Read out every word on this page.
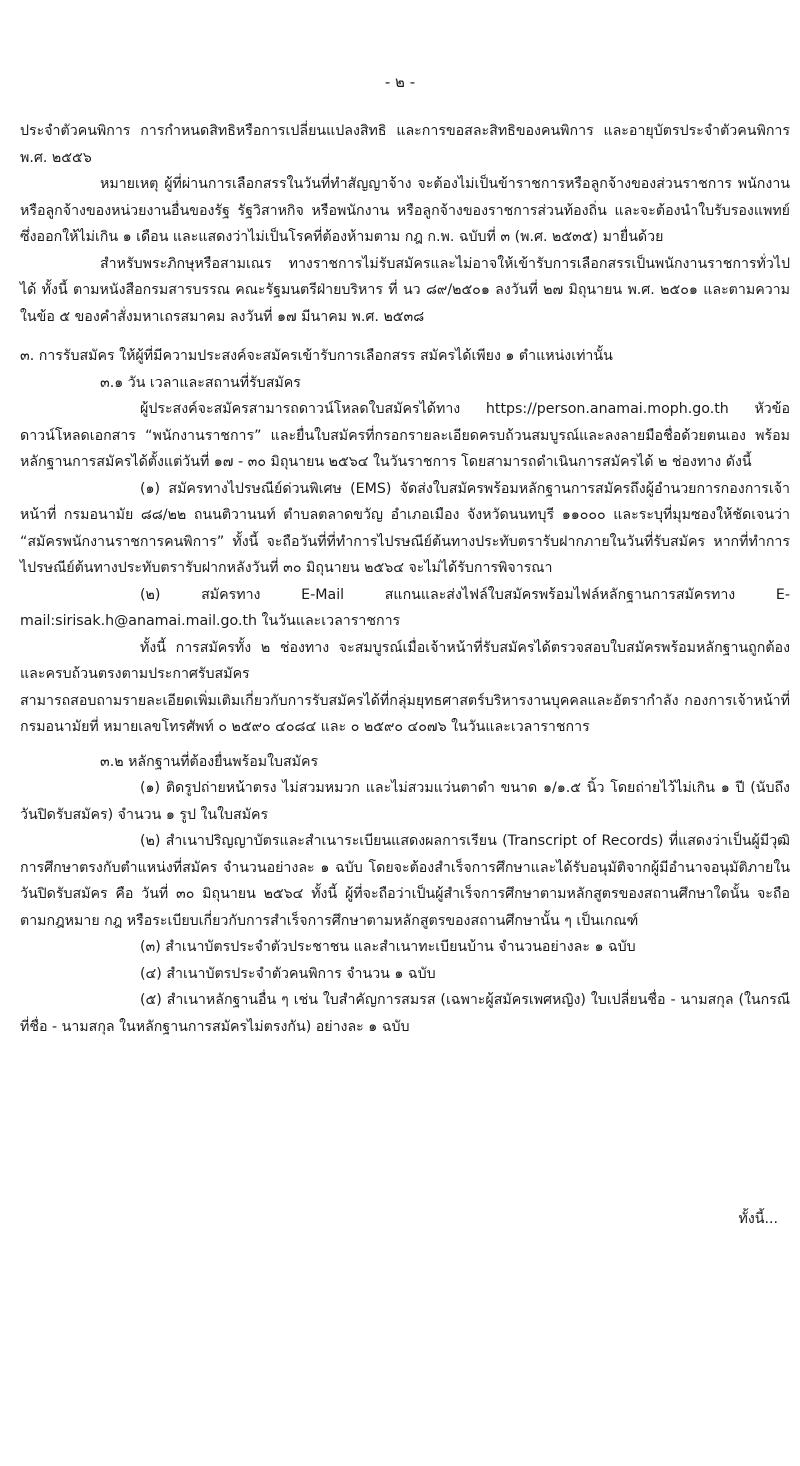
- ๒ -

ประจำตัวคนพิการ การกำหนดสิทธิหรือการเปลี่ยนแปลงสิทธิ และการขอสละสิทธิของคนพิการ และอายุบัตรประจำตัวคนพิการ พ.ศ. ๒๕๕๖

หมายเหตุ ผู้ที่ผ่านการเลือกสรรในวันที่ทำสัญญาจ้าง จะต้องไม่เป็นข้าราชการหรือลูกจ้างของส่วนราชการ พนักงานหรือลูกจ้างของหน่วยงานอื่นของรัฐ รัฐวิสาหกิจ หรือพนักงาน หรือลูกจ้างของราชการส่วนท้องถิ่น และจะต้องนำใบรับรองแพทย์ ซึ่งออกให้ไม่เกิน ๑ เดือน และแสดงว่าไม่เป็นโรคที่ต้องห้ามตาม กฎ ก.พ. ฉบับที่ ๓ (พ.ศ. ๒๕๓๕) มายื่นด้วย

สำหรับพระภิกษุหรือสามเณร ทางราชการไม่รับสมัครและไม่อาจให้เข้ารับการเลือกสรรเป็นพนักงานราชการทั่วไปได้ ทั้งนี้ ตามหนังสือกรมสารบรรณ คณะรัฐมนตรีฝ่ายบริหาร ที่ นว ๘๙/๒๕๐๑ ลงวันที่ ๒๗ มิถุนายน พ.ศ. ๒๕๐๑ และตามความในข้อ ๕ ของคำสั่งมหาเถรสมาคม ลงวันที่ ๑๗ มีนาคม พ.ศ. ๒๕๓๘

๓. การรับสมัคร ให้ผู้ที่มีความประสงค์จะสมัครเข้ารับการเลือกสรร สมัครได้เพียง ๑ ตำแหน่งเท่านั้น

๓.๑ วัน เวลาและสถานที่รับสมัคร

ผู้ประสงค์จะสมัครสามารถดาวน์โหลดใบสมัครได้ทาง https://person.anamai.moph.go.th หัวข้อ ดาวน์โหลดเอกสาร “พนักงานราชการ” และยื่นใบสมัครที่กรอกรายละเอียดครบถ้วนสมบูรณ์และลงลายมือชื่อด้วยตนเอง พร้อมหลักฐานการสมัครได้ตั้งแต่วันที่ ๑๗ - ๓๐ มิถุนายน ๒๕๖๔ ในวันราชการ โดยสามารถดำเนินการสมัครได้ ๒ ช่องทาง ดังนี้

(๑) สมัครทางไปรษณีย์ด่วนพิเศษ (EMS) จัดส่งใบสมัครพร้อมหลักฐานการสมัครถึงผู้อำนวยการกองการเจ้าหน้าที่ กรมอนามัย ๘๘/๒๒ ถนนติวานนท์ ตำบลตลาดขวัญ อำเภอเมือง จังหวัดนนทบุรี ๑๑๐๐๐ และระบุที่มุมซองให้ชัดเจนว่า “สมัครพนักงานราชการคนพิการ” ทั้งนี้ จะถือวันที่ที่ทำการไปรษณีย์ต้นทางประทับตรารับฝากภายในวันที่รับสมัคร หากที่ทำการไปรษณีย์ต้นทางประทับตรารับฝากหลังวันที่ ๓๐ มิถุนายน ๒๕๖๔ จะไม่ได้รับการพิจารณา

(๒) สมัครทาง E-Mail สแกนและส่งไฟล์ใบสมัครพร้อมไฟล์หลักฐานการสมัครทาง E-mail:sirisak.h@anamai.mail.go.th ในวันและเวลาราชการ

ทั้งนี้ การสมัครทั้ง ๒ ช่องทาง จะสมบูรณ์เมื่อเจ้าหน้าที่รับสมัครได้ตรวจสอบใบสมัครพร้อมหลักฐานถูกต้องและครบถ้วนตรงตามประกาศรับสมัคร

สามารถสอบถามรายละเอียดเพิ่มเติมเกี่ยวกับการรับสมัครได้ที่กลุ่มยุทธศาสตร์บริหารงานบุคคลและอัตรากำลัง กองการเจ้าหน้าที่ กรมอนามัยที่ หมายเลขโทรศัพท์ ๐ ๒๕๙๐ ๔๐๘๔ และ ๐ ๒๕๙๐ ๔๐๗๖ ในวันและเวลาราชการ

๓.๒ หลักฐานที่ต้องยื่นพร้อมใบสมัคร

(๑) ติดรูปถ่ายหน้าตรง ไม่สวมหมวก และไม่สวมแว่นตาดำ ขนาด ๑/๑.๕ นิ้ว โดยถ่ายไว้ไม่เกิน ๑ ปี (นับถึงวันปิดรับสมัคร) จำนวน ๑ รูป ในใบสมัคร

(๒) สำเนาปริญญาบัตรและสำเนาระเบียนแสดงผลการเรียน (Transcript of Records) ที่แสดงว่าเป็นผู้มีวุฒิการศึกษาตรงกับตำแหน่งที่สมัคร จำนวนอย่างละ ๑ ฉบับ โดยจะต้องสำเร็จการศึกษาและได้รับอนุมัติจากผู้มีอำนาจอนุมัติภายในวันปิดรับสมัคร คือ วันที่ ๓๐ มิถุนายน ๒๕๖๔ ทั้งนี้ ผู้ที่จะถือว่าเป็นผู้สำเร็จการศึกษาตามหลักสูตรของสถานศึกษาใดนั้น จะถือตามกฎหมาย กฎ หรือระเบียบเกี่ยวกับการสำเร็จการศึกษาตามหลักสูตรของสถานศึกษานั้น ๆ เป็นเกณฑ์

(๓) สำเนาบัตรประจำตัวประชาชน และสำเนาทะเบียนบ้าน จำนวนอย่างละ ๑ ฉบับ

(๔) สำเนาบัตรประจำตัวคนพิการ จำนวน ๑ ฉบับ

(๕) สำเนาหลักฐานอื่น ๆ เช่น ใบสำคัญการสมรส (เฉพาะผู้สมัครเพศหญิง) ใบเปลี่ยนชื่อ - นามสกุล (ในกรณีที่ชื่อ - นามสกุล ในหลักฐานการสมัครไม่ตรงกัน) อย่างละ ๑ ฉบับ

ทั้งนี้...
